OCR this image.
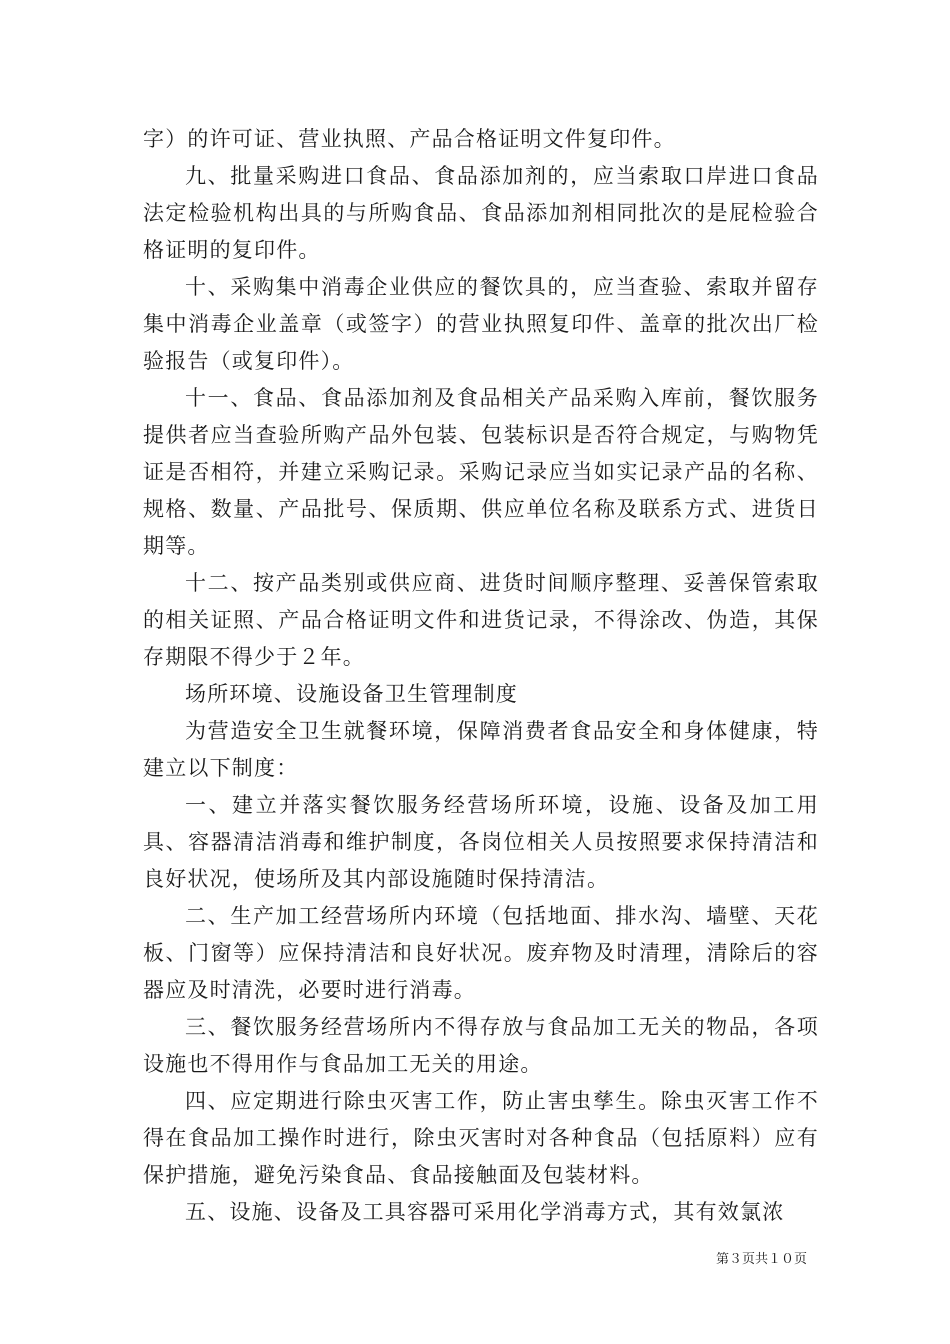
字）的许可证、营业执照、产品合格证明文件复印件。

九、批量采购进口食品、食品添加剂的，应当索取口岸进口食品法定检验机构出具的与所购食品、食品添加剂相同批次的是屁检验合格证明的复印件。

十、采购集中消毒企业供应的餐饮具的，应当查验、索取并留存集中消毒企业盖章（或签字）的营业执照复印件、盖章的批次出厂检验报告（或复印件）。

十一、食品、食品添加剂及食品相关产品采购入库前，餐饮服务提供者应当查验所购产品外包装、包装标识是否符合规定，与购物凭证是否相符，并建立采购记录。采购记录应当如实记录产品的名称、规格、数量、产品批号、保质期、供应单位名称及联系方式、进货日期等。

十二、按产品类别或供应商、进货时间顺序整理、妥善保管索取的相关证照、产品合格证明文件和进货记录，不得涂改、伪造，其保存期限不得少于２年。

场所环境、设施设备卫生管理制度

为营造安全卫生就餐环境，保障消费者食品安全和身体健康，特建立以下制度：

一、建立并落实餐饮服务经营场所环境，设施、设备及加工用具、容器清洁消毒和维护制度，各岗位相关人员按照要求保持清洁和良好状况，使场所及其内部设施随时保持清洁。

二、生产加工经营场所内环境（包括地面、排水沟、墙壁、天花板、门窗等）应保持清洁和良好状况。废弃物及时清理，清除后的容器应及时清洗，必要时进行消毒。

三、餐饮服务经营场所内不得存放与食品加工无关的物品，各项设施也不得用作与食品加工无关的用途。

四、应定期进行除虫灭害工作，防止害虫孳生。除虫灭害工作不得在食品加工操作时进行，除虫灭害时对各种食品（包括原料）应有保护措施，避免污染食品、食品接触面及包装材料。

五、设施、设备及工具容器可采用化学消毒方式，其有效氯浓

第３页共１０页
